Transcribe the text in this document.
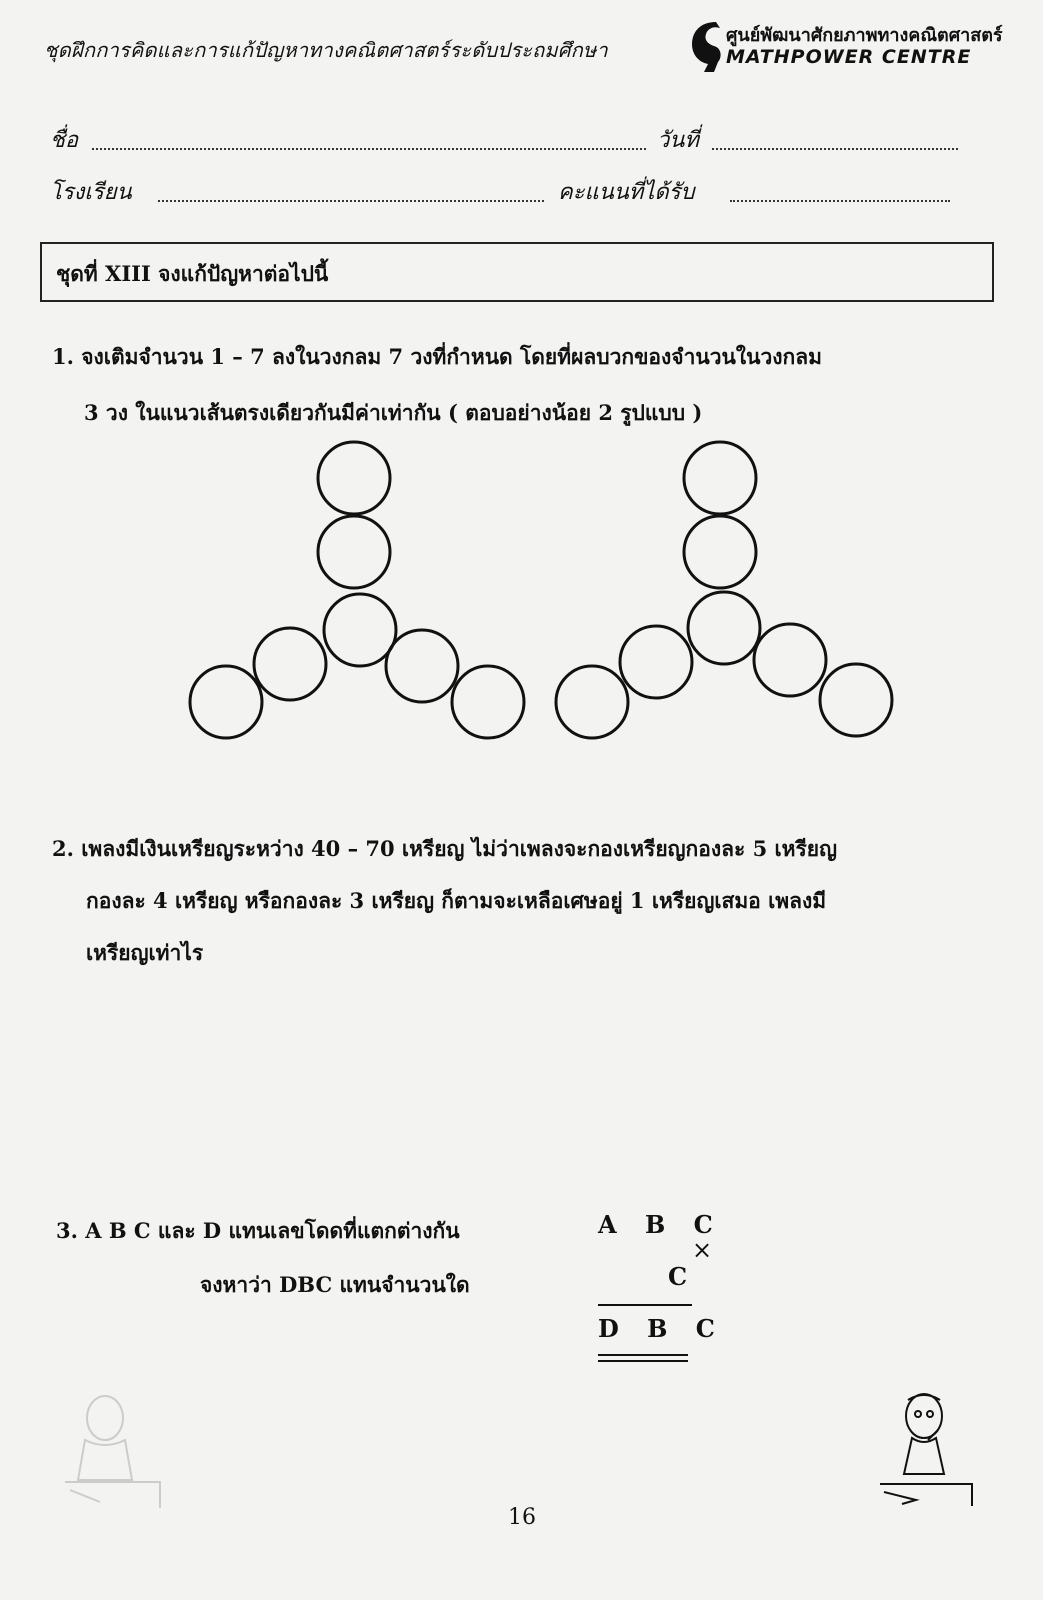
ชุดฝึกการคิดและการแก้ปัญหาทางคณิตศาสตร์ระดับประถมศึกษา
ศูนย์พัฒนาศักยภาพทางคณิตศาสตร์
MATHPOWER CENTRE
ชื่อ	วันที่
โรงเรียน	คะแนนที่ได้รับ
ชุดที่ XIII จงแก้ปัญหาต่อไปนี้
1. จงเติมจำนวน 1 – 7 ลงในวงกลม 7 วงที่กำหนด โดยที่ผลบวกของจำนวนในวงกลม
3 วง ในแนวเส้นตรงเดียวกันมีค่าเท่ากัน ( ตอบอย่างน้อย 2 รูปแบบ )
2. เพลงมีเงินเหรียญระหว่าง 40 – 70 เหรียญ ไม่ว่าเพลงจะกองเหรียญกองละ 5 เหรียญ
กองละ 4 เหรียญ หรือกองละ 3 เหรียญ ก็ตามจะเหลือเศษอยู่ 1 เหรียญเสมอ เพลงมี
เหรียญเท่าไร
3. A B C และ D แทนเลขโดดที่แตกต่างกัน
จงหาว่า DBC แทนจำนวนใด
A B C
×
C
D B C
16
